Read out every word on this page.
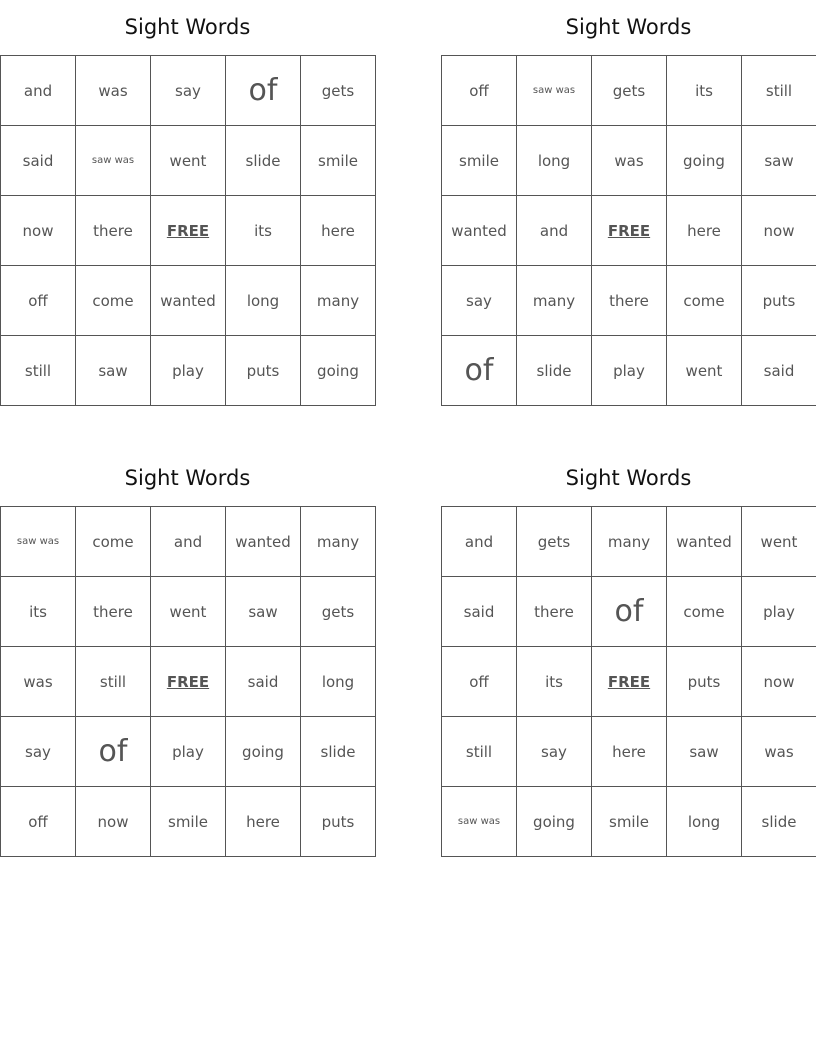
Sight Words
and	was	say	of	gets
said	saw was	went	slide	smile
now	there	FREE	its	here
off	come	wanted	long	many
still	saw	play	puts	going
Sight Words
off	saw was	gets	its	still
smile	long	was	going	saw
wanted	and	FREE	here	now
say	many	there	come	puts
of	slide	play	went	said
Sight Words
saw was	come	and	wanted	many
its	there	went	saw	gets
was	still	FREE	said	long
say	of	play	going	slide
off	now	smile	here	puts
Sight Words
and	gets	many	wanted	went
said	there	of	come	play
off	its	FREE	puts	now
still	say	here	saw	was
saw was	going	smile	long	slide
